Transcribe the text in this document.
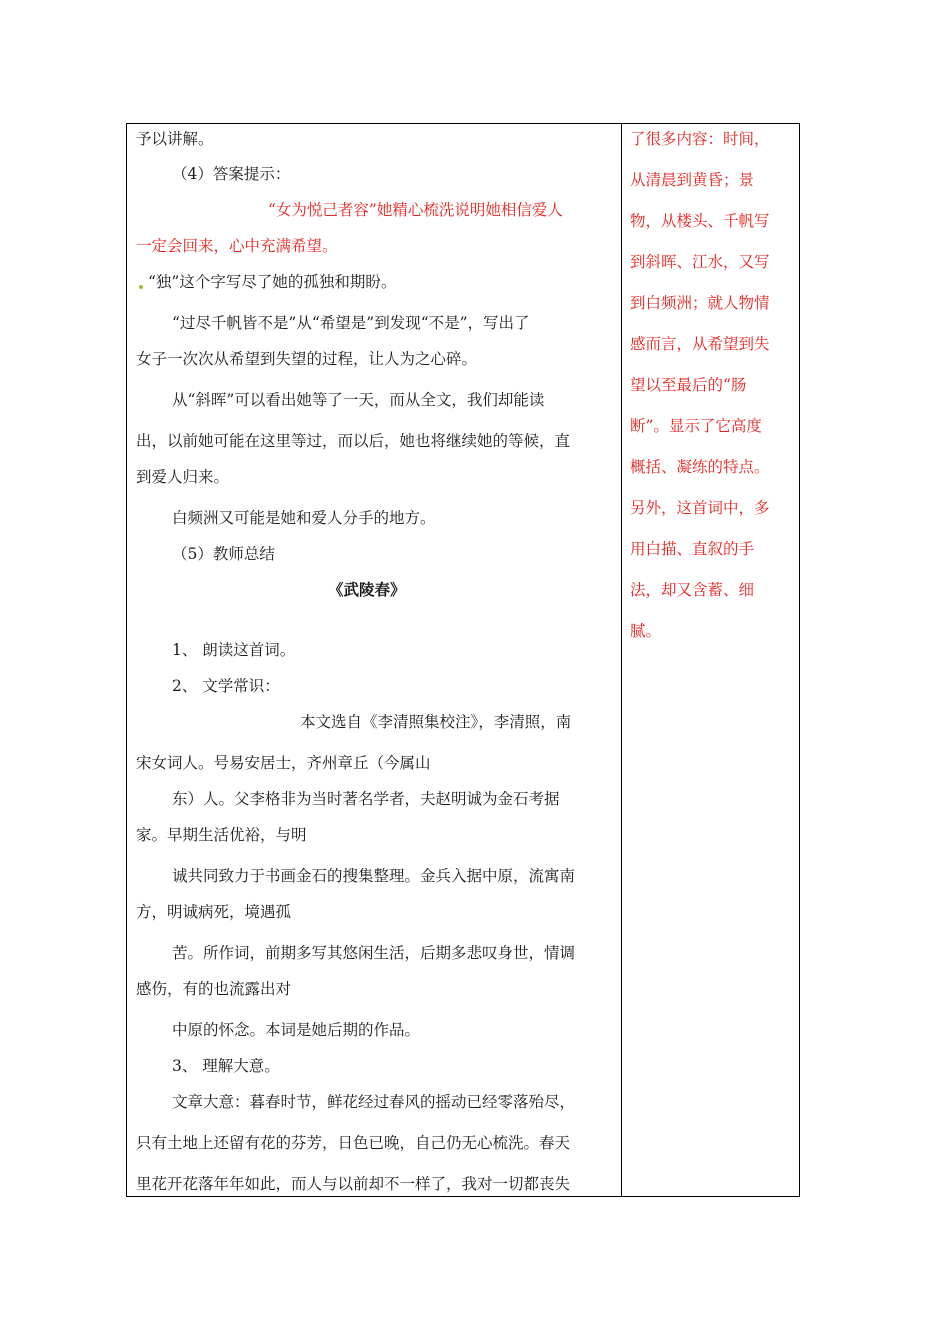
予以讲解。
（4）答案提示：
“女为悦己者容”她精心梳洗说明她相信爱人
一定会回来，心中充满希望。
“独”这个字写尽了她的孤独和期盼。
“过尽千帆皆不是”从“希望是”到发现“不是”，写出了
女子一次次从希望到失望的过程，让人为之心碎。
从“斜晖”可以看出她等了一天，而从全文，我们却能读
出，以前她可能在这里等过，而以后，她也将继续她的等候，直
到爱人归来。
白频洲又可能是她和爱人分手的地方。
（5）教师总结
《武陵春》
1、 朗读这首词。
2、 文学常识：
本文选自《李清照集校注》，李清照，南
宋女词人。号易安居士，齐州章丘（今属山
东）人。父李格非为当时著名学者，夫赵明诚为金石考据
家。早期生活优裕，与明
诚共同致力于书画金石的搜集整理。金兵入据中原，流寓南
方，明诚病死，境遇孤
苦。所作词，前期多写其悠闲生活，后期多悲叹身世，情调
感伤，有的也流露出对
中原的怀念。本词是她后期的作品。
3、 理解大意。
文章大意：暮春时节，鲜花经过春风的摇动已经零落殆尽，
只有土地上还留有花的芬芳，日色已晚，自己仍无心梳洗。春天
里花开花落年年如此，而人与以前却不一样了，我对一切都丧失
了很多内容：时间，
从清晨到黄昏；景
物，从楼头、千帆写
到斜晖、江水，又写
到白频洲；就人物情
感而言，从希望到失
望以至最后的“肠
断”。显示了它高度
概括、凝练的特点。
另外，这首词中，多
用白描、直叙的手
法，却又含蓄、细
腻。
